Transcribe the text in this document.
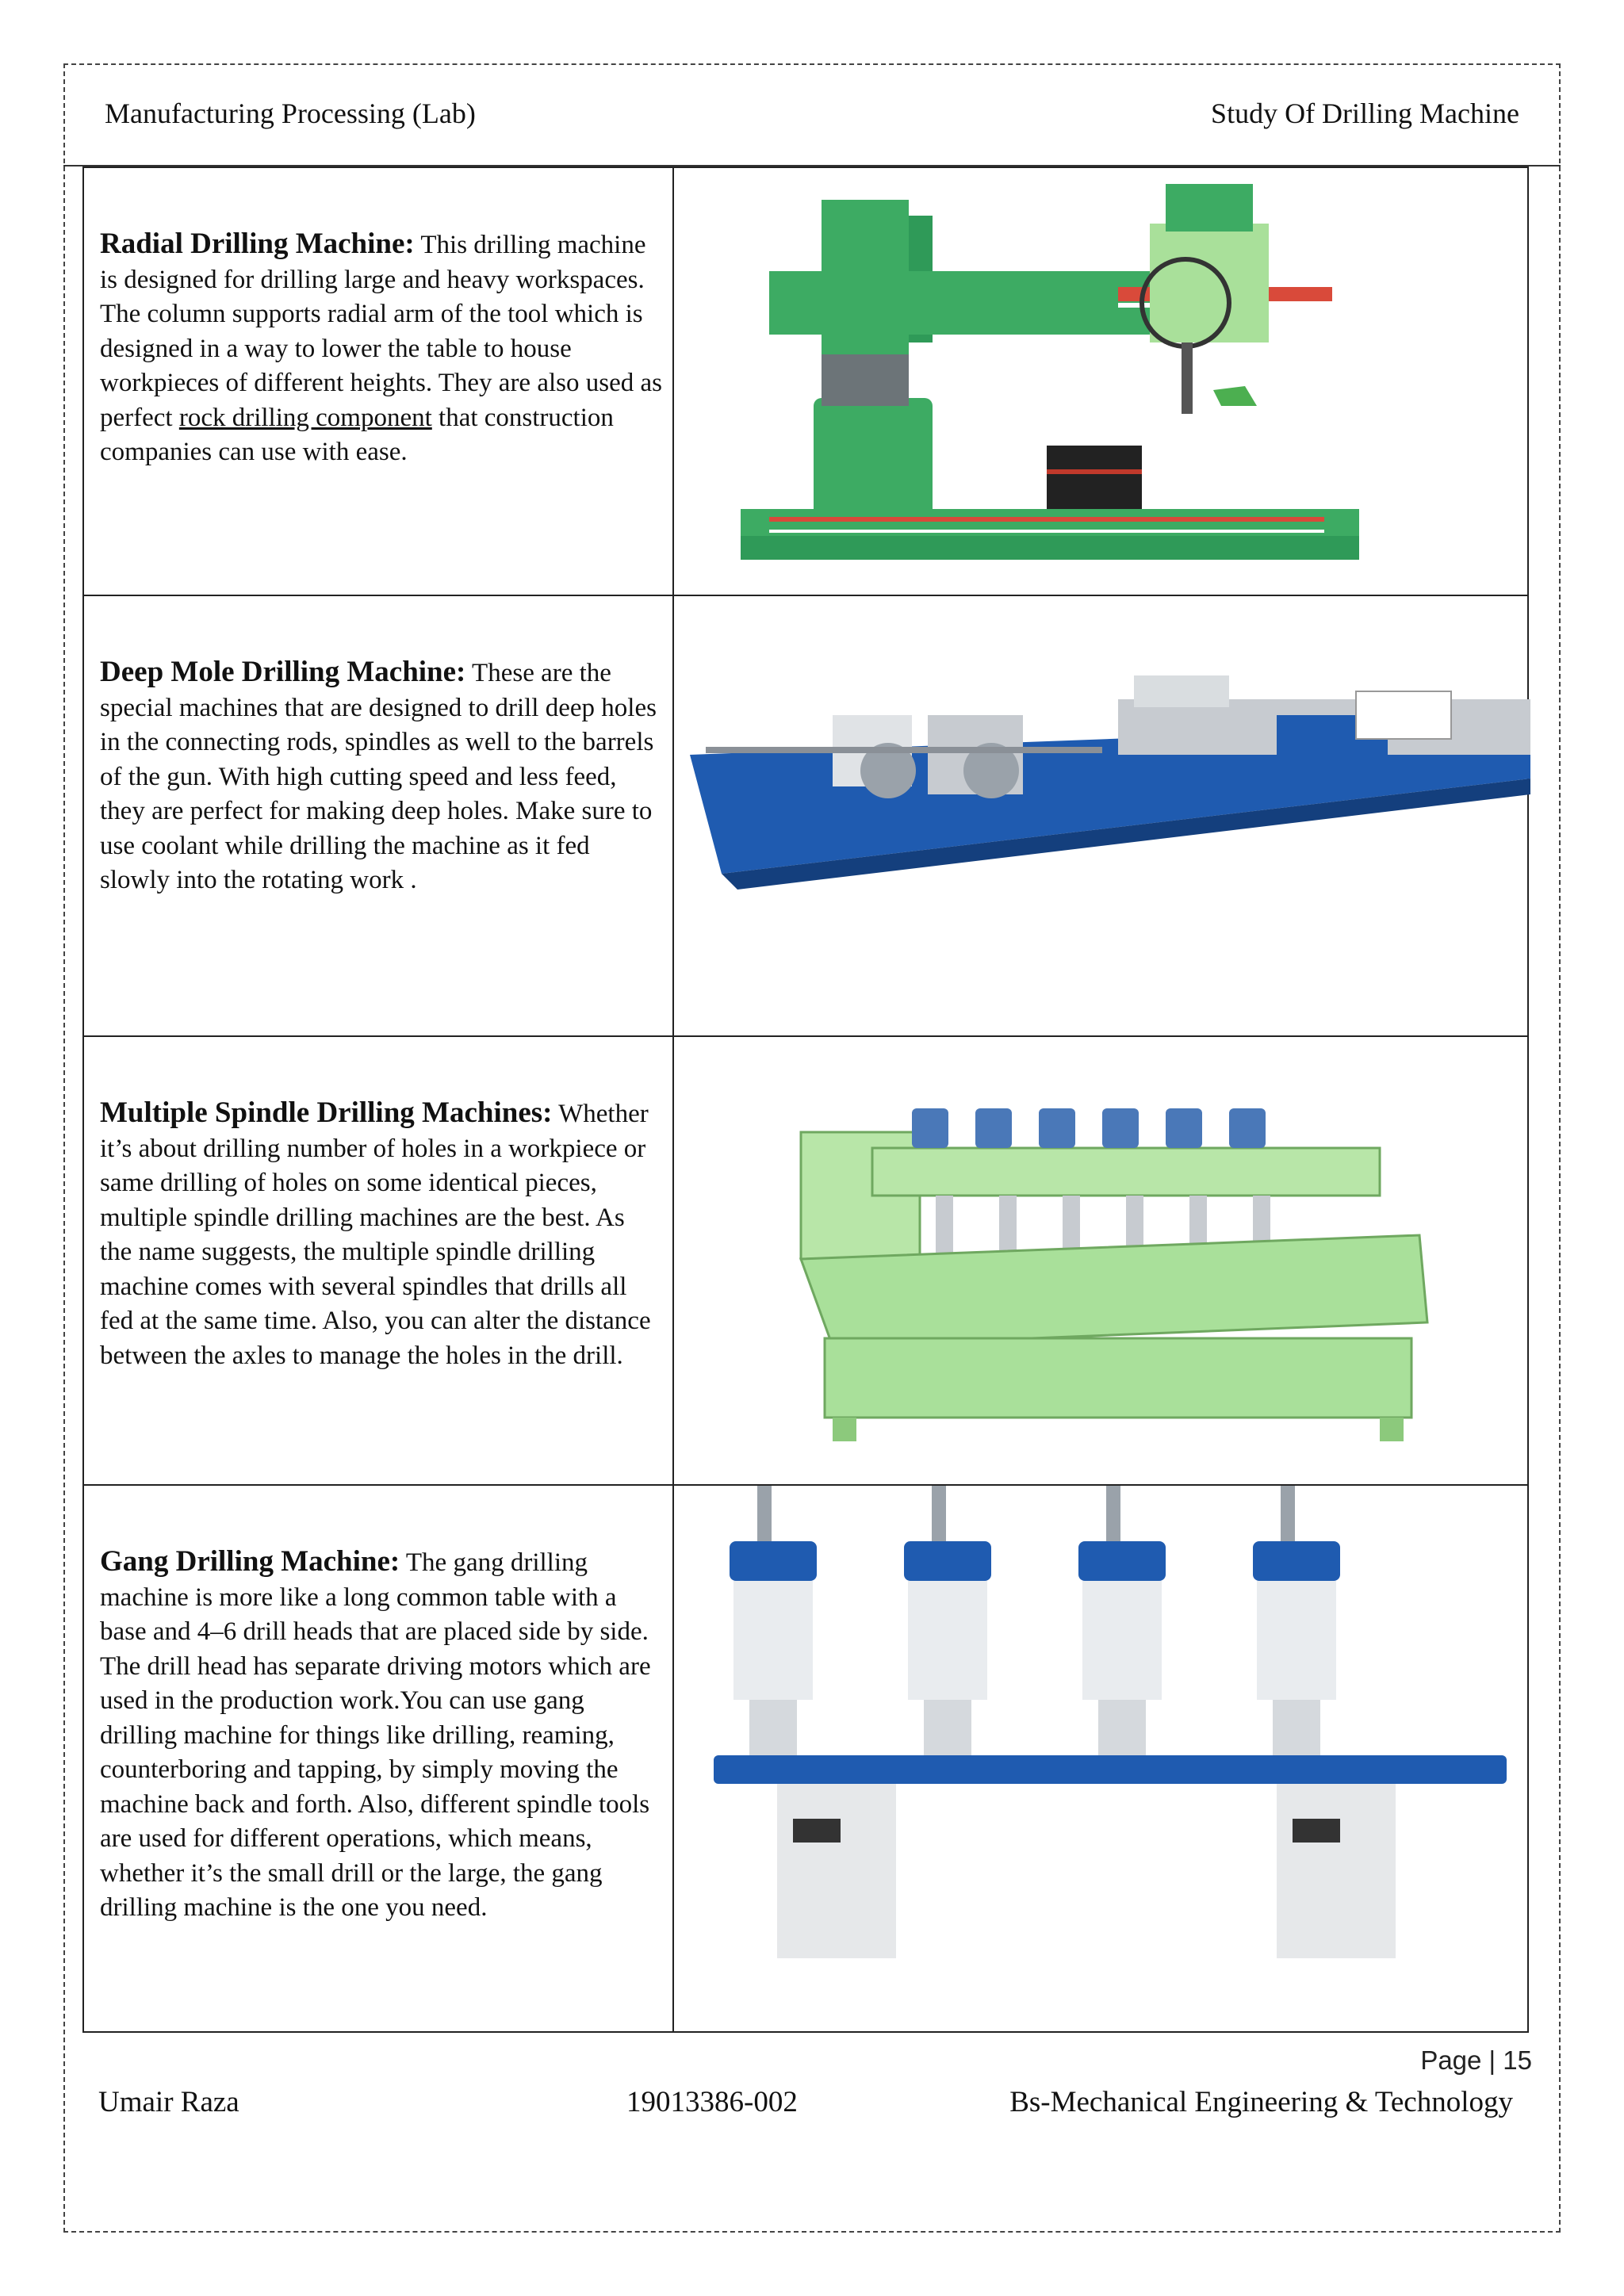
Manufacturing Processing (Lab)	Study Of Drilling Machine
Radial Drilling Machine: This drilling machine is designed for drilling large and heavy workspaces. The column supports radial arm of the tool which is designed in a way to lower the table to house workpieces of different heights. They are also used as perfect rock drilling component that construction companies can use with ease.
Deep Mole Drilling Machine: These are the special machines that are designed to drill deep holes in the connecting rods, spindles as well to the barrels of the gun. With high cutting speed and less feed, they are perfect for making deep holes. Make sure to use coolant while drilling the machine as it fed slowly into the rotating work .
Multiple Spindle Drilling Machines: Whether it’s about drilling number of holes in a workpiece or same drilling of holes on some identical pieces, multiple spindle drilling machines are the best. As the name suggests, the multiple spindle drilling machine comes with several spindles that drills all fed at the same time. Also, you can alter the distance between the axles to manage the holes in the drill.
Gang Drilling Machine: The gang drilling machine is more like a long common table with a base and 4–6 drill heads that are placed side by side. The drill head has separate driving motors which are used in the production work.You can use gang drilling machine for things like drilling, reaming, counterboring and tapping, by simply moving the machine back and forth. Also, different spindle tools are used for different operations, which means, whether it’s the small drill or the large, the gang drilling machine is the one you need.
Page | 15
Umair Raza	19013386-002	Bs-Mechanical Engineering & Technology
